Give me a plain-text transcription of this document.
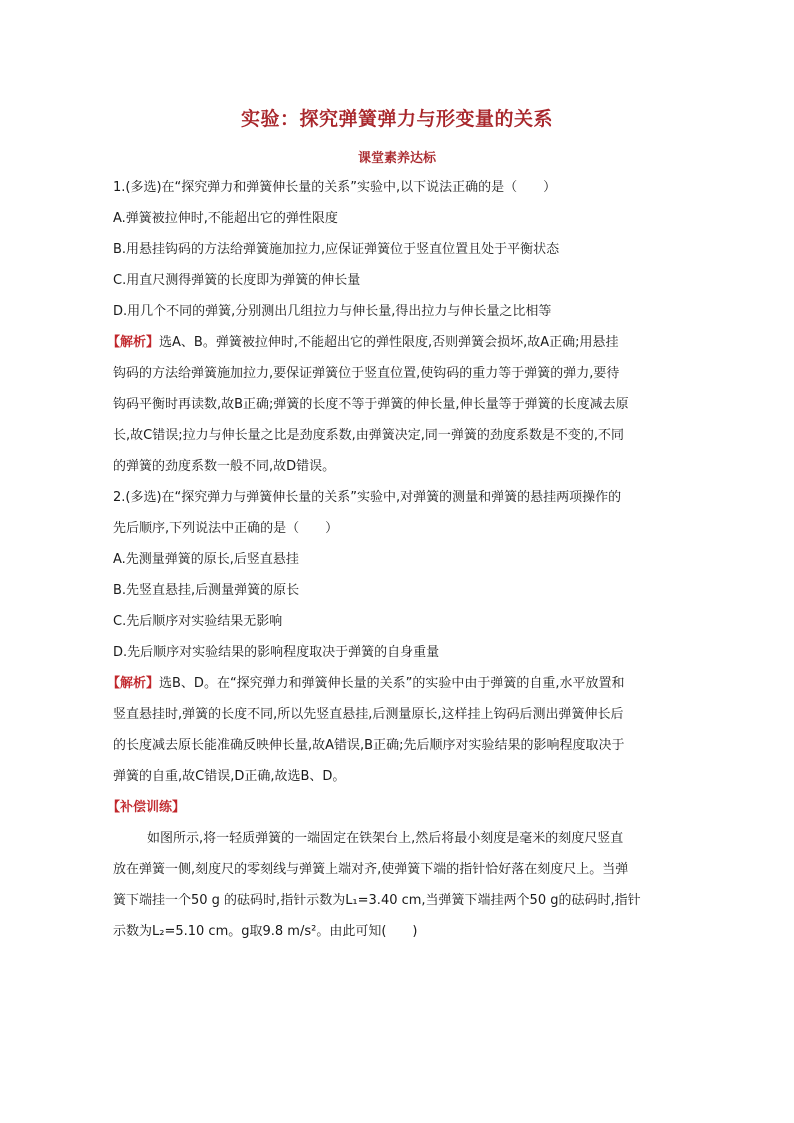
实验：探究弹簧弹力与形变量的关系
课堂素养达标
1.(多选)在“探究弹力和弹簧伸长量的关系”实验中,以下说法正确的是（　　）
A.弹簧被拉伸时,不能超出它的弹性限度
B.用悬挂钩码的方法给弹簧施加拉力,应保证弹簧位于竖直位置且处于平衡状态
C.用直尺测得弹簧的长度即为弹簧的伸长量
D.用几个不同的弹簧,分别测出几组拉力与伸长量,得出拉力与伸长量之比相等
【解析】选A、B。弹簧被拉伸时,不能超出它的弹性限度,否则弹簧会损坏,故A正确;用悬挂
钩码的方法给弹簧施加拉力,要保证弹簧位于竖直位置,使钩码的重力等于弹簧的弹力,要待
钩码平衡时再读数,故B正确;弹簧的长度不等于弹簧的伸长量,伸长量等于弹簧的长度减去原
长,故C错误;拉力与伸长量之比是劲度系数,由弹簧决定,同一弹簧的劲度系数是不变的,不同
的弹簧的劲度系数一般不同,故D错误。
2.(多选)在“探究弹力与弹簧伸长量的关系”实验中,对弹簧的测量和弹簧的悬挂两项操作的
先后顺序,下列说法中正确的是（　　）
A.先测量弹簧的原长,后竖直悬挂
B.先竖直悬挂,后测量弹簧的原长
C.先后顺序对实验结果无影响
D.先后顺序对实验结果的影响程度取决于弹簧的自身重量
【解析】选B、D。在“探究弹力和弹簧伸长量的关系”的实验中由于弹簧的自重,水平放置和
竖直悬挂时,弹簧的长度不同,所以先竖直悬挂,后测量原长,这样挂上钩码后测出弹簧伸长后
的长度减去原长能准确反映伸长量,故A错误,B正确;先后顺序对实验结果的影响程度取决于
弹簧的自重,故C错误,D正确,故选B、D。
【补偿训练】
如图所示,将一轻质弹簧的一端固定在铁架台上,然后将最小刻度是毫米的刻度尺竖直
放在弹簧一侧,刻度尺的零刻线与弹簧上端对齐,使弹簧下端的指针恰好落在刻度尺上。当弹
簧下端挂一个50 g 的砝码时,指针示数为L₁=3.40 cm,当弹簧下端挂两个50 g的砝码时,指针
示数为L₂=5.10 cm。g取9.8 m/s²。由此可知(　　)
